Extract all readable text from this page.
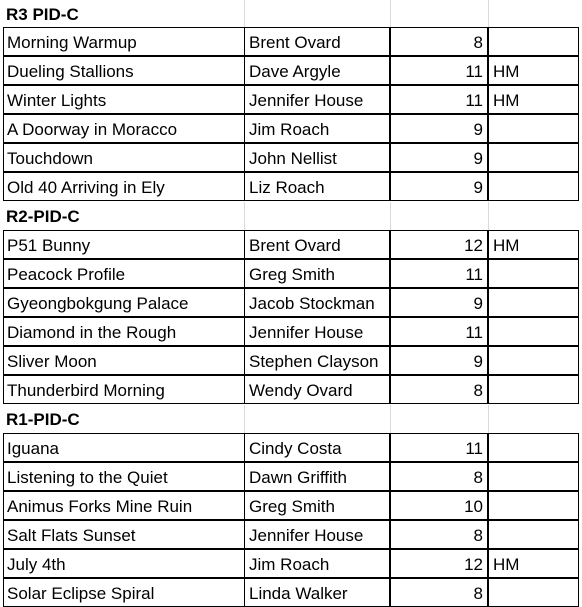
R3 PID-C
Morning Warmup	Brent Ovard	8
Dueling Stallions	Dave Argyle	11 HM
Winter Lights	Jennifer House	11 HM
A Doorway in Moracco	Jim Roach	9
Touchdown	John Nellist	9
Old 40 Arriving in Ely	Liz Roach	9
R2-PID-C
P51 Bunny	Brent Ovard	12 HM
Peacock Profile	Greg Smith	11
Gyeongbokgung Palace	Jacob Stockman	9
Diamond in the Rough	Jennifer House	11
Sliver Moon	Stephen Clayson	9
Thunderbird Morning	Wendy Ovard	8
R1-PID-C
Iguana	Cindy Costa	11
Listening to the Quiet	Dawn Griffith	8
Animus Forks Mine Ruin	Greg Smith	10
Salt Flats Sunset	Jennifer House	8
July 4th	Jim Roach	12 HM
Solar Eclipse Spiral	Linda Walker	8
